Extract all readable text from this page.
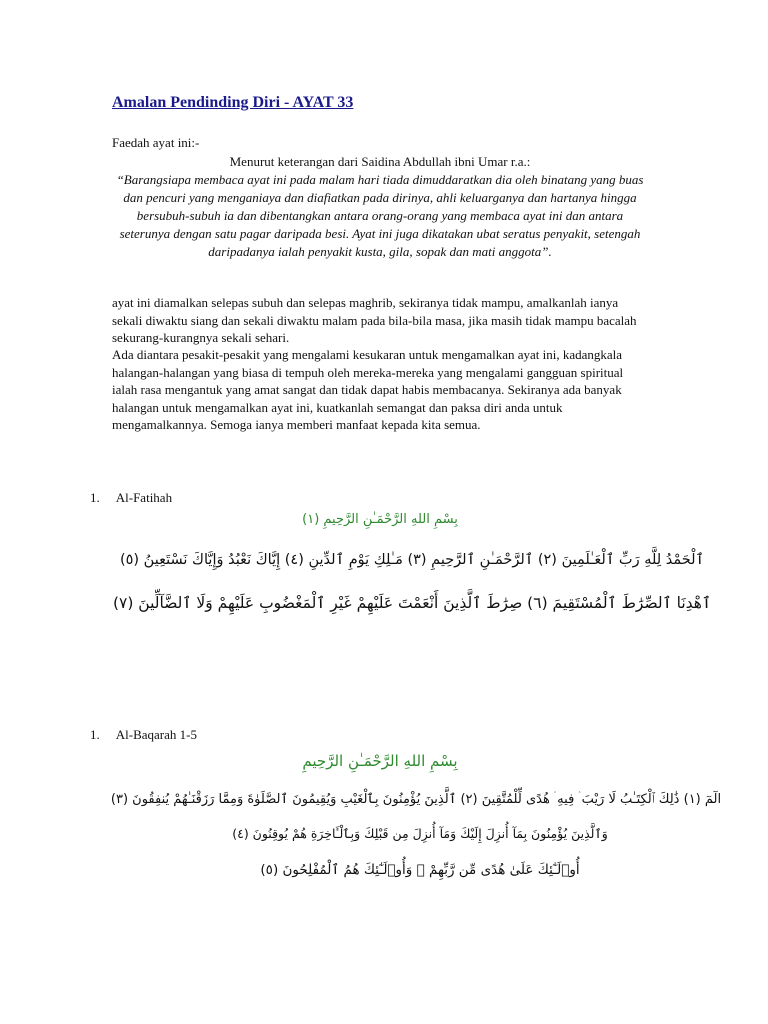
Amalan Pendinding Diri - AYAT 33
Faedah ayat ini:-
Menurut keterangan dari Saidina Abdullah ibni Umar r.a.:
“Barangsiapa membaca ayat ini pada malam hari tiada dimuddaratkan dia oleh binatang yang buas dan pencuri yang menganiaya dan diafiatkan pada dirinya, ahli keluarganya dan hartanya hingga bersubuh-subuh ia dan dibentangkan antara orang-orang yang membaca ayat ini dan antara seterunya dengan satu pagar daripada besi. Ayat ini juga dikatakan ubat seratus penyakit, setengah daripadanya ialah penyakit kusta, gila, sopak dan mati anggota”.
ayat ini diamalkan selepas subuh dan selepas maghrib, sekiranya tidak mampu, amalkanlah ianya sekali diwaktu siang dan sekali diwaktu malam pada bila-bila masa, jika masih tidak mampu bacalah sekurang-kurangnya sekali sehari.
Ada diantara pesakit-pesakit yang mengalami kesukaran untuk mengamalkan ayat ini, kadangkala halangan-halangan yang biasa di tempuh oleh mereka-mereka yang mengalami gangguan spiritual ialah rasa mengantuk yang amat sangat dan tidak dapat habis membacanya. Sekiranya ada banyak halangan untuk mengamalkan ayat ini, kuatkanlah semangat dan paksa diri anda untuk mengamalkannya. Semoga ianya memberi manfaat kepada kita semua.
1. Al-Fatihah
بِسْمِ اللهِ الرَّحْمَـٰنِ الرَّحِيمِ (١)
ٱلْحَمْدُ لِلَّهِ رَبِّ ٱلْعَـٰلَمِينَ (٢) ٱلرَّحْمَـٰنِ ٱلرَّحِيمِ (٣) مَـٰلِكِ يَوْمِ ٱلدِّينِ (٤) إِيَّاكَ نَعْبُدُ وَإِيَّاكَ نَسْتَعِينُ (٥)
ٱهْدِنَا ٱلصِّرَٰطَ ٱلْمُسْتَقِيمَ (٦) صِرَٰطَ ٱلَّذِينَ أَنْعَمْتَ عَلَيْهِمْ غَيْرِ ٱلْمَغْضُوبِ عَلَيْهِمْ وَلَا ٱلضَّآلِّينَ (٧)
1. Al-Baqarah 1-5
بِسْمِ اللهِ الرَّحْمَـٰنِ الرَّحِيمِ
الٓمٓ (١) ذَٰلِكَ ٱلْكِتَـٰبُ لَا رَيْبَ ۛ فِيهِ ۛ هُدًى لِّلْمُتَّقِينَ (٢) ٱلَّذِينَ يُؤْمِنُونَ بِٱلْغَيْبِ وَيُقِيمُونَ ٱلصَّلَوٰةَ وَمِمَّا رَزَقْنَـٰهُمْ يُنفِقُونَ (٣)
وَٱلَّذِينَ يُؤْمِنُونَ بِمَآ أُنزِلَ إِلَيْكَ وَمَآ أُنزِلَ مِن قَبْلِكَ وَبِٱلْـَٔاخِرَةِ هُمْ يُوقِنُونَ (٤)
أُو۟لَـٰٓئِكَ عَلَىٰ هُدًى مِّن رَّبِّهِمْ ۖ وَأُو۟لَـٰٓئِكَ هُمُ ٱلْمُفْلِحُونَ (٥)
